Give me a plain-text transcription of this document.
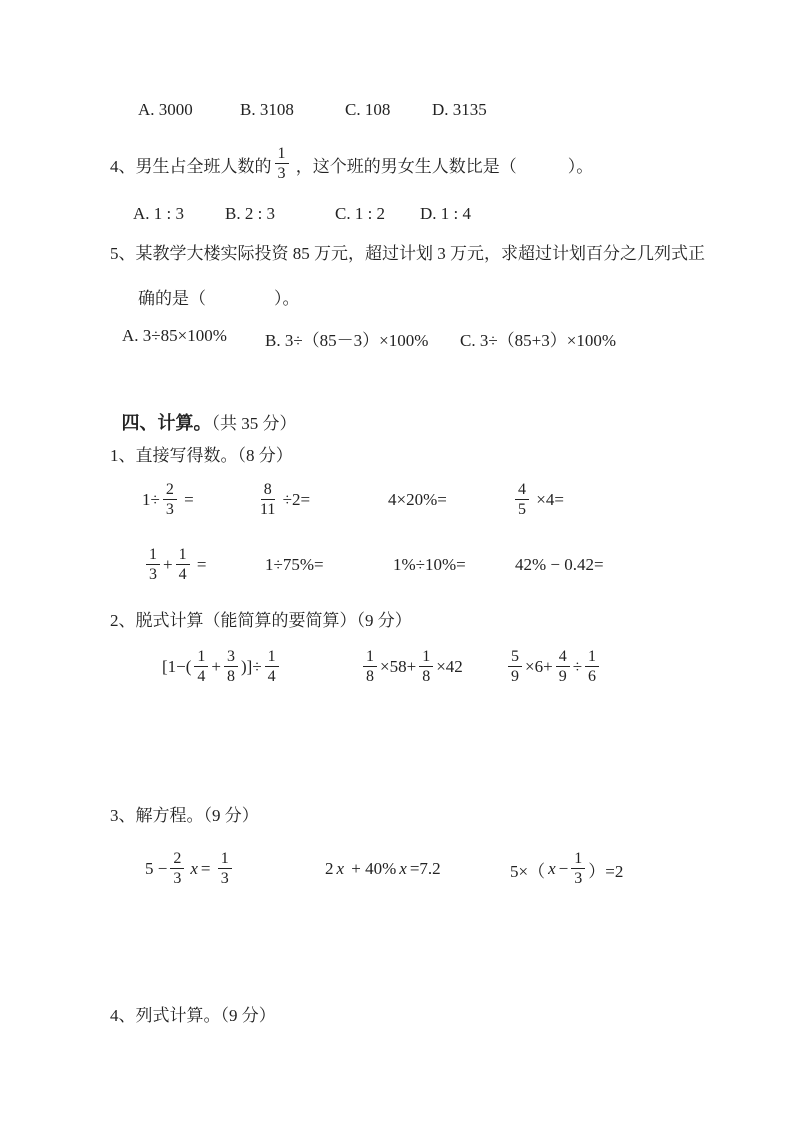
A. 3000	B. 3108	C. 108 D. 3135
4、男生占全班人数的 $\frac{1}{3}$ ，这个班的男女生人数比是（　　　）。
A. 1 : 3 B. 2 : 3	C. 1 : 2 D. 1 : 4
5、某教学大楼实际投资 85 万元，超过计划 3 万元，求超过计划百分之几列式正
确的是（　　　　）。
A. 3÷85×100% B. 3÷（85－3）×100% C. 3÷（85+3）×100%

四、计算。（共 35 分）

1、直接写得数。（8 分）
$1\div \frac{2}{3}$ =	$\frac{8}{11} \div 2=$	4×20%=	$\frac{4}{5} \times 4=$
$\frac{1}{3} + \frac{1}{4}$ =	1÷75%=	1%÷10%=	42% − 0.42=
2、脱式计算（能简算的要简算）（9 分）
[$1-( \frac{1}{4} + \frac{3}{8}$ )]÷ $\frac{1}{4}$	$\frac{1}{8} \times 58+ \frac{1}{8} \times 42$	$\frac{5}{9} \times 6+ \frac{4}{9} \div \frac{1}{6}$
3、解方程。（9 分）
$5 - \frac{2}{3}$ $x = \frac{1}{3}$	2 x + 40% x =7.2	5×（ $x - \frac{1}{3} )=2$
4、列式计算。（9 分）
